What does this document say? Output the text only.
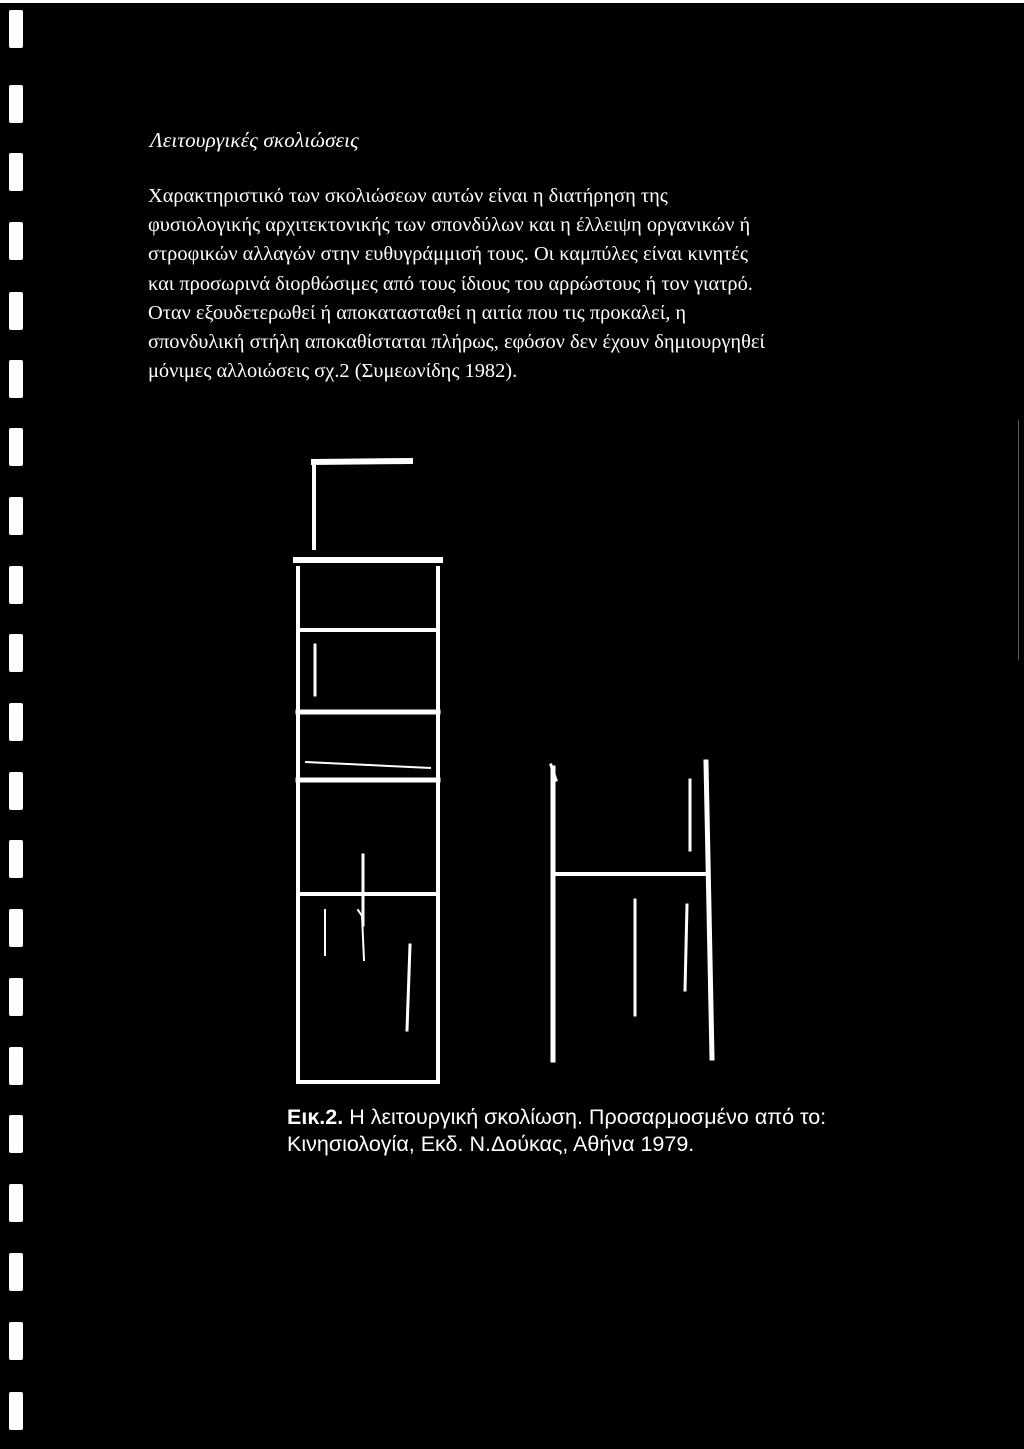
Λειτουργικές σκολιώσεις
Χαρακτηριστικό των σκολιώσεων αυτών είναι η διατήρηση της
φυσιολογικής αρχιτεκτονικής των σπονδύλων και η έλλειψη οργανικών ή
στροφικών αλλαγών στην ευθυγράμμισή τους. Οι καμπύλες είναι κινητές
και προσωρινά διορθώσιμες από τους ίδιους του αρρώστους ή τον γιατρό.
Οταν εξουδετερωθεί ή αποκατασταθεί η αιτία που τις προκαλεί, η
σπονδυλική στήλη αποκαθίσταται πλήρως, εφόσον δεν έχουν δημιουργηθεί
μόνιμες αλλοιώσεις σχ.2 (Συμεωνίδης 1982).
Εικ.2. Η λειτουργική σκολίωση. Προσαρμοσμένο από το:
Κινησιολογία, Εκδ. Ν.Δούκας, Αθήνα 1979.
